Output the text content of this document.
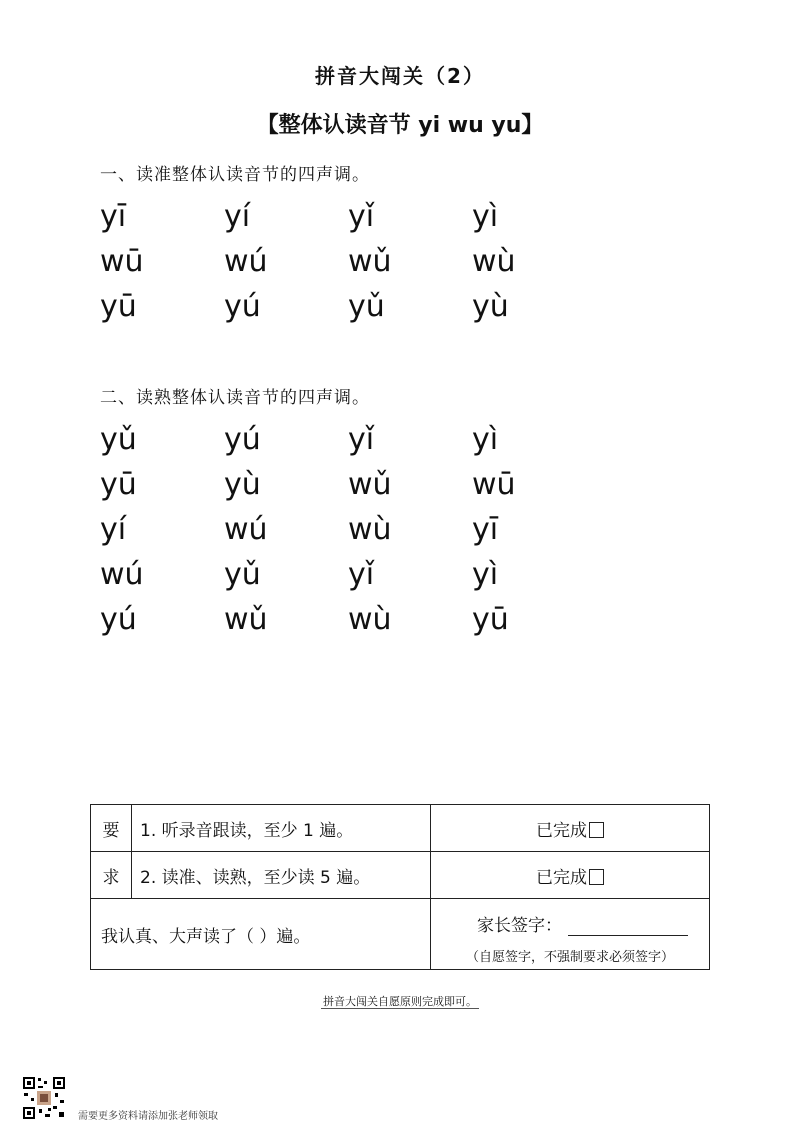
拼音大闯关（2）
【整体认读音节 yi wu yu】
一、读准整体认读音节的四声调。
yī	yí	yǐ	yì
wū	wú	wǔ	wù
yū	yú	yǔ	yù
二、读熟整体认读音节的四声调。
yǔ	yú	yǐ	yì
yū	yù	wǔ	wū
yí	wú	wù	yī
wú	yǔ	yǐ	yì
yú	wǔ	wù	yū
要	1. 听录音跟读，至少 1 遍。	已完成
求	2. 读准、读熟，至少读 5 遍。	已完成
我认真、大声读了（ ）遍。		家长签字：
（自愿签字，不强制要求必须签字）
拼音大闯关自愿原则完成即可。
需要更多资料请添加张老师领取
